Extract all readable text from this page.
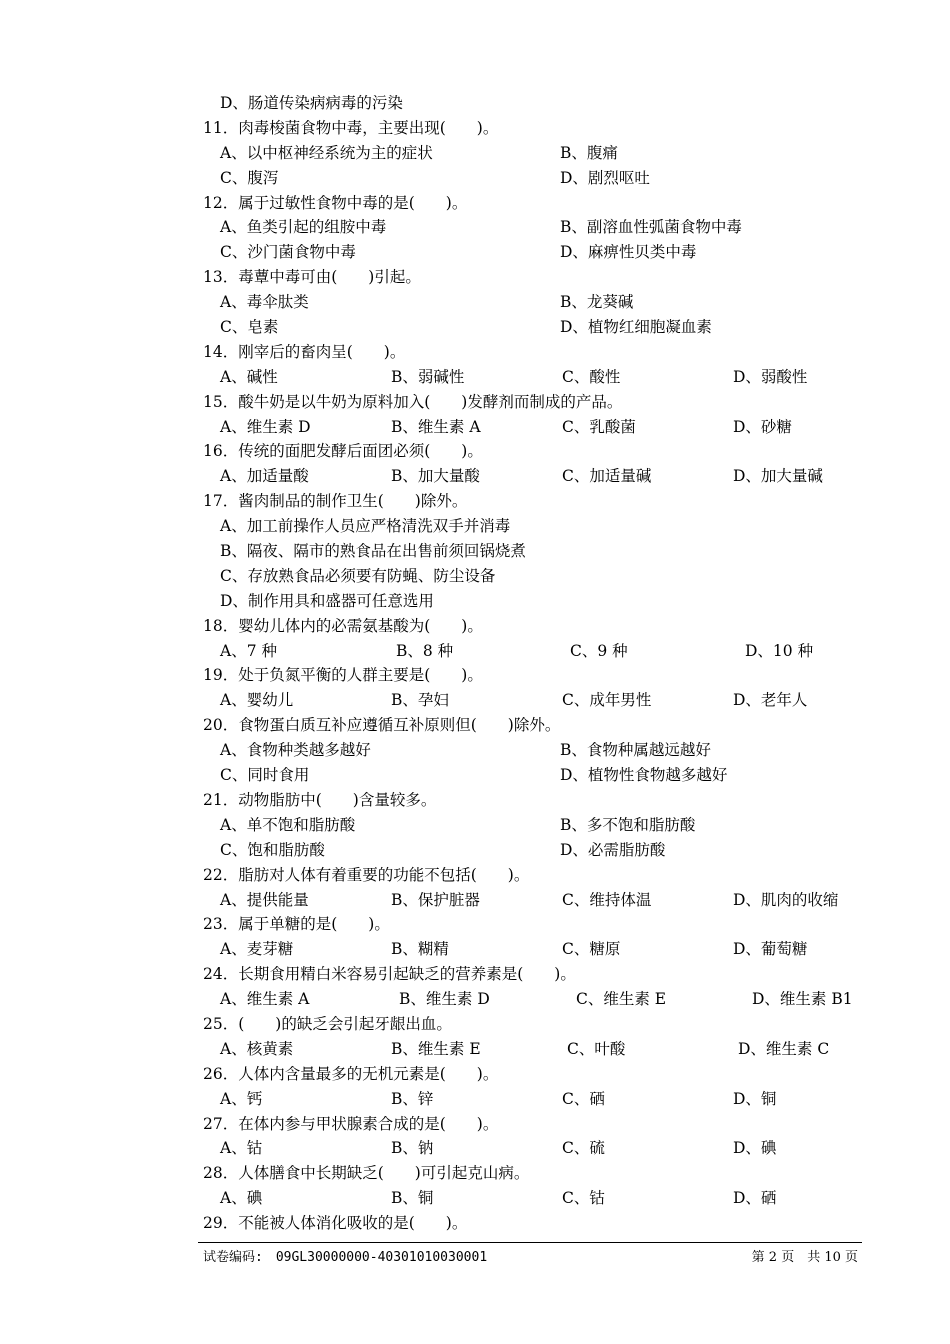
D、肠道传染病病毒的污染
11．肉毒梭菌食物中毒，主要出现(　　)。
A、以中枢神经系统为主的症状	B、腹痛
C、腹泻	D、剧烈呕吐
12．属于过敏性食物中毒的是(　　)。
A、鱼类引起的组胺中毒	B、副溶血性弧菌食物中毒
C、沙门菌食物中毒	D、麻痹性贝类中毒
13．毒蕈中毒可由(　　)引起。
A、毒伞肽类	B、龙葵碱
C、皂素	D、植物红细胞凝血素
14．刚宰后的畜肉呈(　　)。
A、碱性	B、弱碱性	C、酸性	D、弱酸性
15．酸牛奶是以牛奶为原料加入(　　)发酵剂而制成的产品。
A、维生素 D	B、维生素 A	C、乳酸菌	D、砂糖
16．传统的面肥发酵后面团必须(　　)。
A、加适量酸	B、加大量酸	C、加适量碱	D、加大量碱
17．酱肉制品的制作卫生(　　)除外。
A、加工前操作人员应严格清洗双手并消毒
B、隔夜、隔市的熟食品在出售前须回锅烧煮
C、存放熟食品必须要有防蝇、防尘设备
D、制作用具和盛器可任意选用
18．婴幼儿体内的必需氨基酸为(　　)。
A、7 种	B、8 种	C、9 种	D、10 种
19．处于负氮平衡的人群主要是(　　)。
A、婴幼儿	B、孕妇	C、成年男性	D、老年人
20．食物蛋白质互补应遵循互补原则但(　　)除外。
A、食物种类越多越好	B、食物种属越远越好
C、同时食用	D、植物性食物越多越好
21．动物脂肪中(　　)含量较多。
A、单不饱和脂肪酸	B、多不饱和脂肪酸
C、饱和脂肪酸	D、必需脂肪酸
22．脂肪对人体有着重要的功能不包括(　　)。
A、提供能量	B、保护脏器	C、维持体温	D、肌肉的收缩
23．属于单糖的是(　　)。
A、麦芽糖	B、糊精	C、糖原	D、葡萄糖
24．长期食用精白米容易引起缺乏的营养素是(　　)。
A、维生素 A	B、维生素 D	C、维生素 E	D、维生素 B1
25．(　　)的缺乏会引起牙龈出血。
A、核黄素	B、维生素 E	C、叶酸	D、维生素 C
26．人体内含量最多的无机元素是(　　)。
A、钙	B、锌	C、硒	D、铜
27．在体内参与甲状腺素合成的是(　　)。
A、钴	B、钠	C、硫	D、碘
28．人体膳食中长期缺乏(　　)可引起克山病。
A、碘	B、铜	C、钴	D、硒
29．不能被人体消化吸收的是(　　)。
试卷编码:　09GL30000000-40301010030001	第 2 页　共 10 页
